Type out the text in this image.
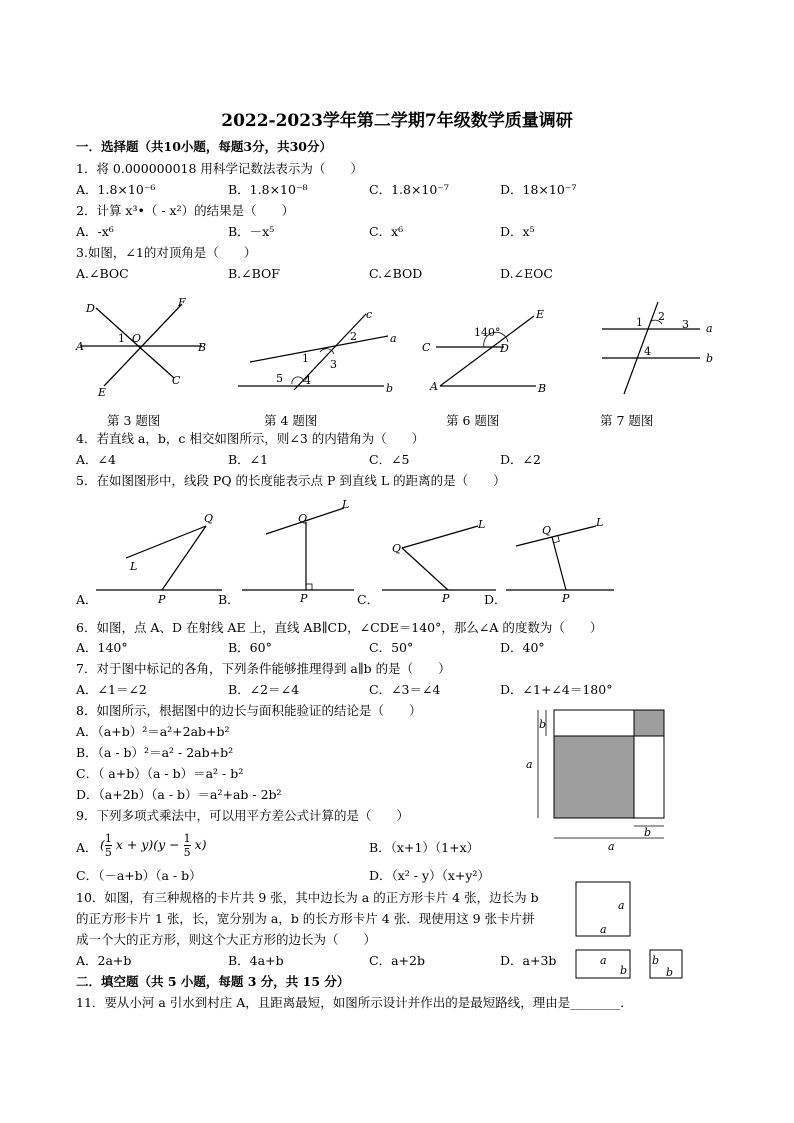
2022-2023学年第二学期7年级数学质量调研
一．选择题（共10小题，每题3分，共30分）
1．将 0.000000018 用科学记数法表示为（　　）
A．1.8×10⁻⁶	B．1.8×10⁻⁸	C．1.8×10⁻⁷	D．18×10⁻⁷
2．计算 x³•（ - x²）的结果是（　　）
A．-x⁶	B．－x⁵	C．x⁶	D．x⁵
3.如图，∠1的对顶角是（　　）
A.∠BOC	B.∠BOF	C.∠BOD	D.∠EOC
D	F
A
1 O
B
E
C
c
2	a
1 3
5 4
b
140°
E
C	D
A	B
1 2
3 a
4
b
第 3 题图	第 4 题图	第 6 题图	第 7 题图
4．若直线 a，b，c 相交如图所示，则∠3 的内错角为（　　）
A．∠4	B．∠1	C．∠5	D．∠2
5．在如图图形中，线段 PQ 的长度能表示点 P 到直线 L 的距离的是（　　）
A．	B．	C．	D．
Q
L
P
Q
L
P
Q
L
P
Q
L
P
6．如图，点 A、D 在射线 AE 上，直线 AB∥CD，∠CDE＝140°，那么∠A 的度数为（　　）
A．140°	B．60°	C．50°	D．40°
7．对于图中标记的各角，下列条件能够推理得到 a∥b 的是（　　）
A．∠1＝∠2	B．∠2＝∠4	C．∠3＝∠4	D．∠1+∠4＝180°
8．如图所示，根据图中的边长与面积能验证的结论是（　　）
A．（a+b）²＝a²+2ab+b²
B．（a - b）²＝a² - 2ab+b²
C．（ a+b）（a - b）＝a² - b²
D．（a+2b）（a - b）＝a²+ab - 2b²
b
a
b
a
9．下列多项式乘法中，可以用平方差公式计算的是（　　）
A． ( $\frac{1}{5}$ $x + y)(y - \frac{1}{5} x)$	B．（x+1）（1+x）
C．（－a+b）（a - b）	D．（x² - y）（x+y²）
10．如图，有三种规格的卡片共 9 张，其中边长为 a 的正方形卡片 4 张，边长为 b
的正方形卡片 1 张，长，宽分别为 a，b 的长方形卡片 4 张．现使用这 9 张卡片拼
成一个大的正方形，则这个大正方形的边长为（　　）
A．2a+b	B．4a+b	C．a+2b	D．a+3b
a
a
a
b
b
b
二．填空题（共 5 小题，每题 3 分，共 15 分）
11．要从小河 a 引水到村庄 A，且距离最短，如图所示设计并作出的是最短路线，理由是________．
